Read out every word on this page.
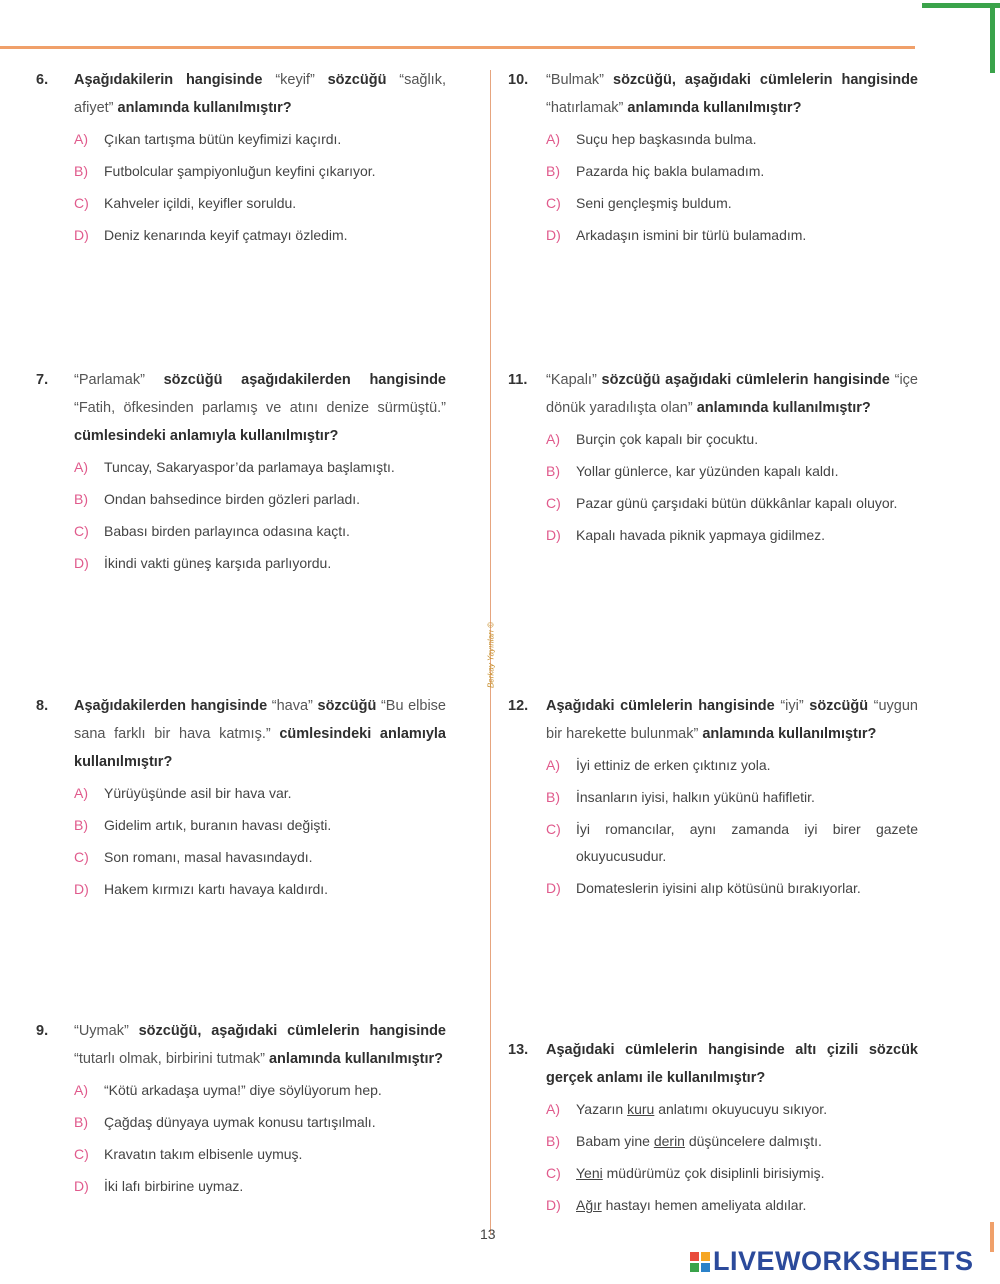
Berkay Yayınları ©
6.	Aşağıdakilerin hangisinde “keyif” sözcüğü “sağlık, afiyet” anlamında kullanılmıştır?
A)	Çıkan tartışma bütün keyfimizi kaçırdı.
B)	Futbolcular şampiyonluğun keyfini çıkarıyor.
C)	Kahveler içildi, keyifler soruldu.
D)	Deniz kenarında keyif çatmayı özledim.
7.	“Parlamak” sözcüğü aşağıdakilerden hangisinde “Fatih, öfkesinden parlamış ve atını denize sürmüştü.” cümlesindeki anlamıyla kullanılmıştır?
A)	Tuncay, Sakaryaspor’da parlamaya başlamıştı.
B)	Ondan bahsedince birden gözleri parladı.
C)	Babası birden parlayınca odasına kaçtı.
D)	İkindi vakti güneş karşıda parlıyordu.
8.	Aşağıdakilerden hangisinde “hava” sözcüğü “Bu elbise sana farklı bir hava katmış.” cümlesindeki anlamıyla kullanılmıştır?
A)	Yürüyüşünde asil bir hava var.
B)	Gidelim artık, buranın havası değişti.
C)	Son romanı, masal havasındaydı.
D)	Hakem kırmızı kartı havaya kaldırdı.
9.	“Uymak” sözcüğü, aşağıdaki cümlelerin hangisinde “tutarlı olmak, birbirini tutmak” anlamında kullanılmıştır?
A)	“Kötü arkadaşa uyma!” diye söylüyorum hep.
B)	Çağdaş dünyaya uymak konusu tartışılmalı.
C)	Kravatın takım elbisenle uymuş.
D)	İki lafı birbirine uymaz.
10.	“Bulmak” sözcüğü, aşağıdaki cümlelerin hangisinde “hatırlamak” anlamında kullanılmıştır?
A)	Suçu hep başkasında bulma.
B)	Pazarda hiç bakla bulamadım.
C)	Seni gençleşmiş buldum.
D)	Arkadaşın ismini bir türlü bulamadım.
11.	“Kapalı” sözcüğü aşağıdaki cümlelerin hangisinde “içe dönük yaradılışta olan” anlamında kullanılmıştır?
A)	Burçin çok kapalı bir çocuktu.
B)	Yollar günlerce, kar yüzünden kapalı kaldı.
C)	Pazar günü çarşıdaki bütün dükkânlar kapalı oluyor.
D)	Kapalı havada piknik yapmaya gidilmez.
12.	Aşağıdaki cümlelerin hangisinde “iyi” sözcüğü “uygun bir harekette bulunmak” anlamında kullanılmıştır?
A)	İyi ettiniz de erken çıktınız yola.
B)	İnsanların iyisi, halkın yükünü hafifletir.
C)	İyi romancılar, aynı zamanda iyi birer gazete okuyucusudur.
D)	Domateslerin iyisini alıp kötüsünü bırakıyorlar.
13.	Aşağıdaki cümlelerin hangisinde altı çizili sözcük gerçek anlamı ile kullanılmıştır?
A)	Yazarın kuru anlatımı okuyucuyu sıkıyor.
B)	Babam yine derin düşüncelere dalmıştı.
C)	Yeni müdürümüz çok disiplinli birisiymiş.
D)	Ağır hastayı hemen ameliyata aldılar.
13
LIVEWORKSHEETS
